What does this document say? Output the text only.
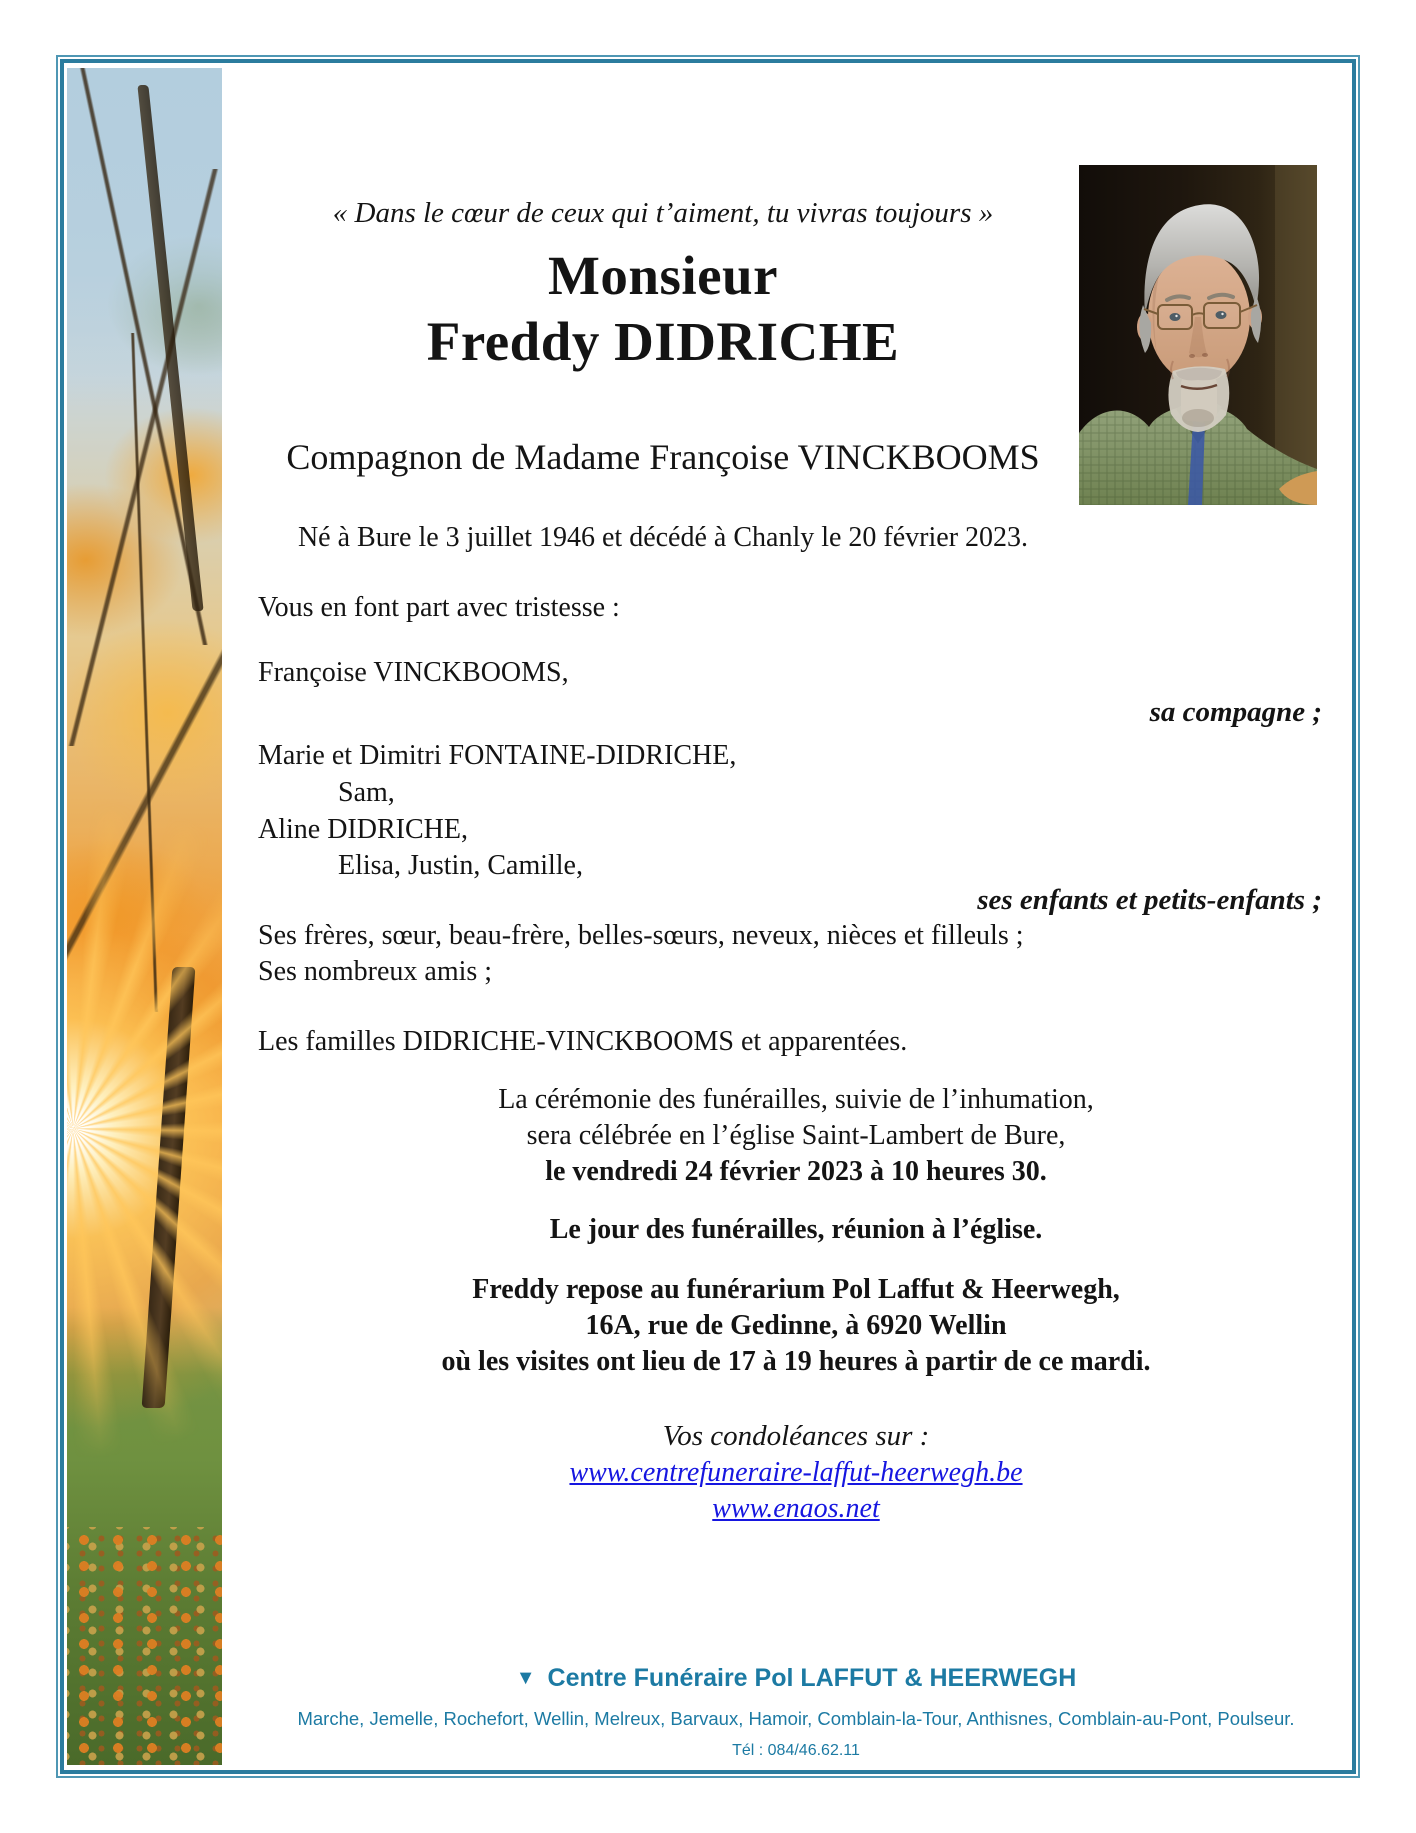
« Dans le cœur de ceux qui t’aiment, tu vivras toujours »
Monsieur
Freddy DIDRICHE
Compagnon de Madame Françoise VINCKBOOMS
Né à Bure le 3 juillet 1946 et décédé à Chanly le 20 février 2023.
Vous en font part avec tristesse :
Françoise VINCKBOOMS,
sa compagne ;
Marie et Dimitri FONTAINE-DIDRICHE,
Sam,
Aline DIDRICHE,
Elisa, Justin, Camille,
ses enfants et petits-enfants ;
Ses frères, sœur, beau-frère, belles-sœurs, neveux, nièces et filleuls ;
Ses nombreux amis ;
Les familles DIDRICHE-VINCKBOOMS et apparentées.
La cérémonie des funérailles, suivie de l’inhumation,
sera célébrée en l’église Saint-Lambert de Bure,
le vendredi 24 février 2023 à 10 heures 30.
Le jour des funérailles, réunion à l’église.
Freddy repose au funérarium Pol Laffut & Heerwegh,
16A, rue de Gedinne, à 6920 Wellin
où les visites ont lieu de 17 à 19 heures à partir de ce mardi.
Vos condoléances sur :
www.centrefuneraire-laffut-heerwegh.be
www.enaos.net
▼ Centre Funéraire Pol LAFFUT & HEERWEGH
Marche, Jemelle, Rochefort, Wellin, Melreux, Barvaux, Hamoir, Comblain-la-Tour, Anthisnes, Comblain-au-Pont, Poulseur.
Tél : 084/46.62.11
